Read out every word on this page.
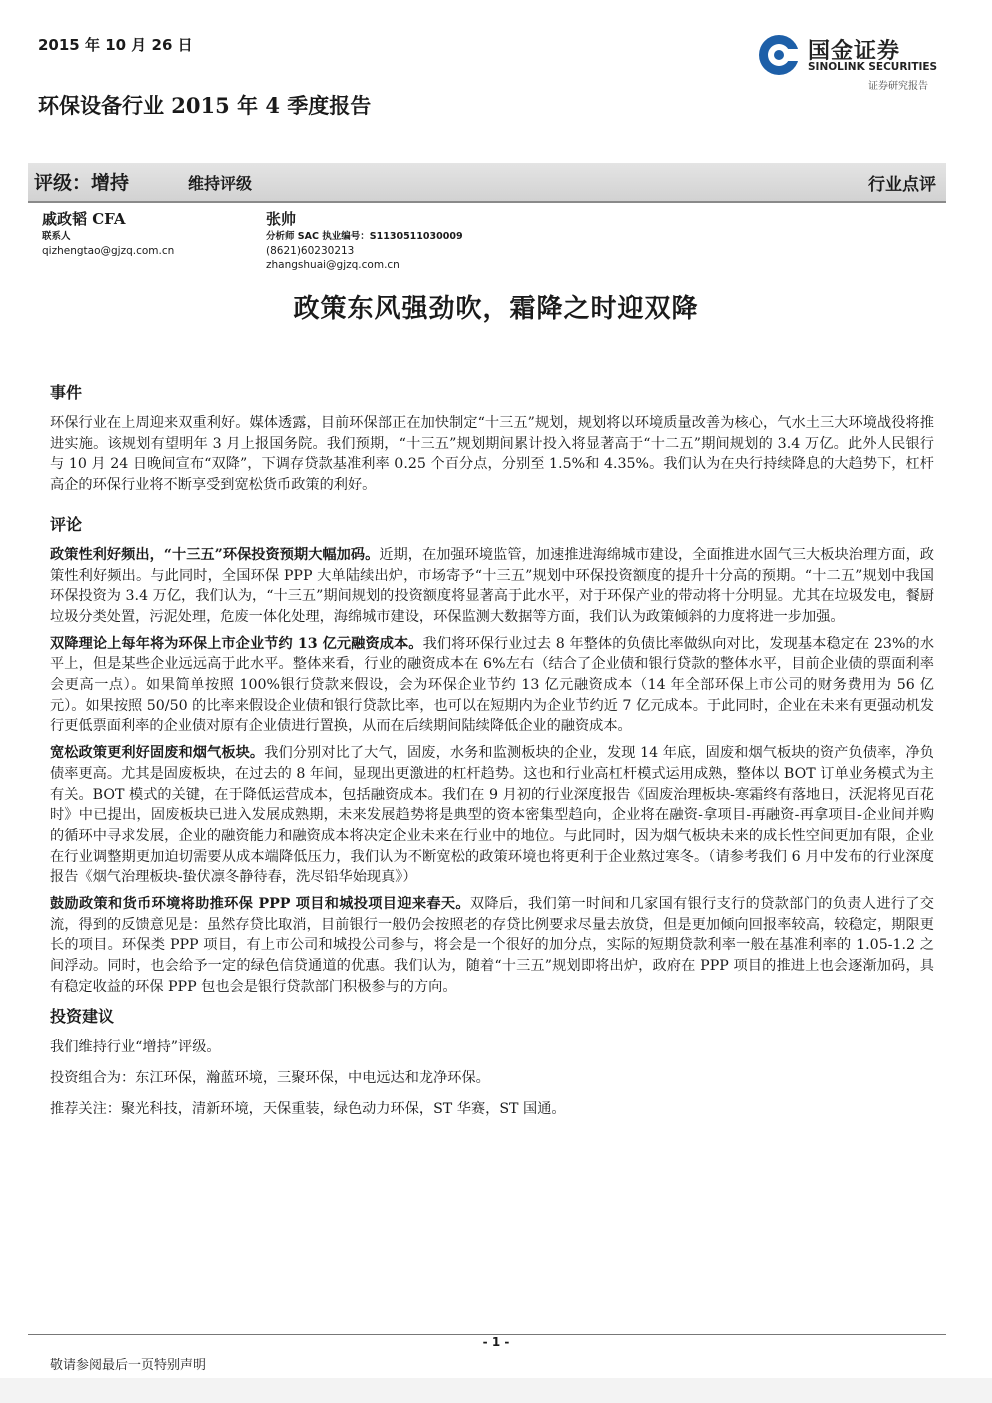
2015 年 10 月 26 日	国金证券
SINOLINK SECURITIES
证券研究报告
环保设备行业 2015 年 4 季度报告
评级：增持	维持评级	行业点评
戚政韬 CFA
联系人
qizhengtao@gjzq.com.cn
张帅
分析师 SAC 执业编号：S1130511030009
(8621)60230213
zhangshuai@gjzq.com.cn
政策东风强劲吹，霜降之时迎双降
事件

环保行业在上周迎来双重利好。媒体透露，目前环保部正在加快制定“十三五”规划，规划将以环境质量改善为核心，气水土三大环境战役将推进实施。该规划有望明年 3 月上报国务院。我们预期，“十三五”规划期间累计投入将显著高于“十二五”期间规划的 3.4 万亿。此外人民银行与 10 月 24 日晚间宣布“双降”，下调存贷款基准利率 0.25 个百分点，分别至 1.5%和 4.35%。我们认为在央行持续降息的大趋势下，杠杆高企的环保行业将不断享受到宽松货币政策的利好。

评论

政策性利好频出，“十三五”环保投资预期大幅加码。近期，在加强环境监管，加速推进海绵城市建设，全面推进水固气三大板块治理方面，政策性利好频出。与此同时，全国环保 PPP 大单陆续出炉，市场寄予“十三五”规划中环保投资额度的提升十分高的预期。“十二五”规划中我国环保投资为 3.4 万亿，我们认为，“十三五”期间规划的投资额度将显著高于此水平，对于环保产业的带动将十分明显。尤其在垃圾发电，餐厨垃圾分类处置，污泥处理，危废一体化处理，海绵城市建设，环保监测大数据等方面，我们认为政策倾斜的力度将进一步加强。

双降理论上每年将为环保上市企业节约 13 亿元融资成本。我们将环保行业过去 8 年整体的负债比率做纵向对比，发现基本稳定在 23%的水平上，但是某些企业远远高于此水平。整体来看，行业的融资成本在 6%左右（结合了企业债和银行贷款的整体水平，目前企业债的票面利率会更高一点）。如果简单按照 100%银行贷款来假设，会为环保企业节约 13 亿元融资成本（14 年全部环保上市公司的财务费用为 56 亿元）。如果按照 50/50 的比率来假设企业债和银行贷款比率，也可以在短期内为企业节约近 7 亿元成本。于此同时，企业在未来有更强动机发行更低票面利率的企业债对原有企业债进行置换，从而在后续期间陆续降低企业的融资成本。

宽松政策更利好固废和烟气板块。我们分别对比了大气，固废，水务和监测板块的企业，发现 14 年底，固废和烟气板块的资产负债率，净负债率更高。尤其是固废板块，在过去的 8 年间，显现出更激进的杠杆趋势。这也和行业高杠杆模式运用成熟，整体以 BOT 订单业务模式为主有关。BOT 模式的关键，在于降低运营成本，包括融资成本。我们在 9 月初的行业深度报告《固废治理板块-寒霜终有落地日，沃泥将见百花时》中已提出，固废板块已进入发展成熟期，未来发展趋势将是典型的资本密集型趋向，企业将在融资-拿项目-再融资-再拿项目-企业间并购的循环中寻求发展，企业的融资能力和融资成本将决定企业未来在行业中的地位。与此同时，因为烟气板块未来的成长性空间更加有限，企业在行业调整期更加迫切需要从成本端降低压力，我们认为不断宽松的政策环境也将更利于企业熬过寒冬。（请参考我们 6 月中发布的行业深度报告《烟气治理板块-蛰伏凛冬静待春，洗尽铅华始现真》）

鼓励政策和货币环境将助推环保 PPP 项目和城投项目迎来春天。双降后，我们第一时间和几家国有银行支行的贷款部门的负责人进行了交流，得到的反馈意见是：虽然存贷比取消，目前银行一般仍会按照老的存贷比例要求尽量去放贷，但是更加倾向回报率较高，较稳定，期限更长的项目。环保类 PPP 项目，有上市公司和城投公司参与，将会是一个很好的加分点，实际的短期贷款利率一般在基准利率的 1.05-1.2 之间浮动。同时，也会给予一定的绿色信贷通道的优惠。我们认为，随着“十三五”规划即将出炉，政府在 PPP 项目的推进上也会逐渐加码，具有稳定收益的环保 PPP 包也会是银行贷款部门积极参与的方向。

投资建议
我们维持行业“增持”评级。
投资组合为：东江环保，瀚蓝环境，三聚环保，中电远达和龙净环保。
推荐关注：聚光科技，清新环境，天保重装，绿色动力环保，ST 华赛，ST 国通。
- 1 -
敬请参阅最后一页特别声明
